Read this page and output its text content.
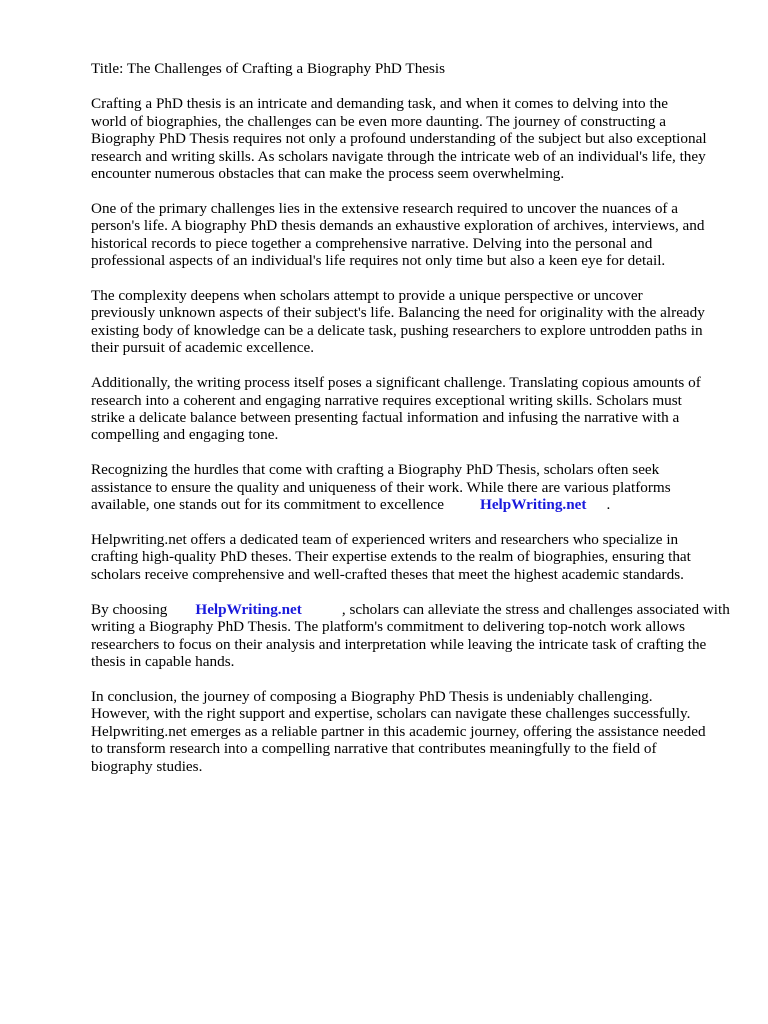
Title: The Challenges of Crafting a Biography PhD Thesis
Crafting a PhD thesis is an intricate and demanding task, and when it comes to delving into the
world of biographies, the challenges can be even more daunting. The journey of constructing a
Biography PhD Thesis requires not only a profound understanding of the subject but also exceptional
research and writing skills. As scholars navigate through the intricate web of an individual's life, they
encounter numerous obstacles that can make the process seem overwhelming.
One of the primary challenges lies in the extensive research required to uncover the nuances of a
person's life. A biography PhD thesis demands an exhaustive exploration of archives, interviews, and
historical records to piece together a comprehensive narrative. Delving into the personal and
professional aspects of an individual's life requires not only time but also a keen eye for detail.
The complexity deepens when scholars attempt to provide a unique perspective or uncover
previously unknown aspects of their subject's life. Balancing the need for originality with the already
existing body of knowledge can be a delicate task, pushing researchers to explore untrodden paths in
their pursuit of academic excellence.
Additionally, the writing process itself poses a significant challenge. Translating copious amounts of
research into a coherent and engaging narrative requires exceptional writing skills. Scholars must
strike a delicate balance between presenting factual information and infusing the narrative with a
compelling and engaging tone.
Recognizing the hurdles that come with crafting a Biography PhD Thesis, scholars often seek
assistance to ensure the quality and uniqueness of their work. While there are various platforms
available, one stands out for its commitment to excellence HelpWriting.net .
Helpwriting.net offers a dedicated team of experienced writers and researchers who specialize in
crafting high-quality PhD theses. Their expertise extends to the realm of biographies, ensuring that
scholars receive comprehensive and well-crafted theses that meet the highest academic standards.
By choosing HelpWriting.net	, scholars can alleviate the stress and challenges associated with
writing a Biography PhD Thesis. The platform's commitment to delivering top-notch work allows
researchers to focus on their analysis and interpretation while leaving the intricate task of crafting the
thesis in capable hands.
In conclusion, the journey of composing a Biography PhD Thesis is undeniably challenging.
However, with the right support and expertise, scholars can navigate these challenges successfully.
Helpwriting.net emerges as a reliable partner in this academic journey, offering the assistance needed
to transform research into a compelling narrative that contributes meaningfully to the field of
biography studies.
